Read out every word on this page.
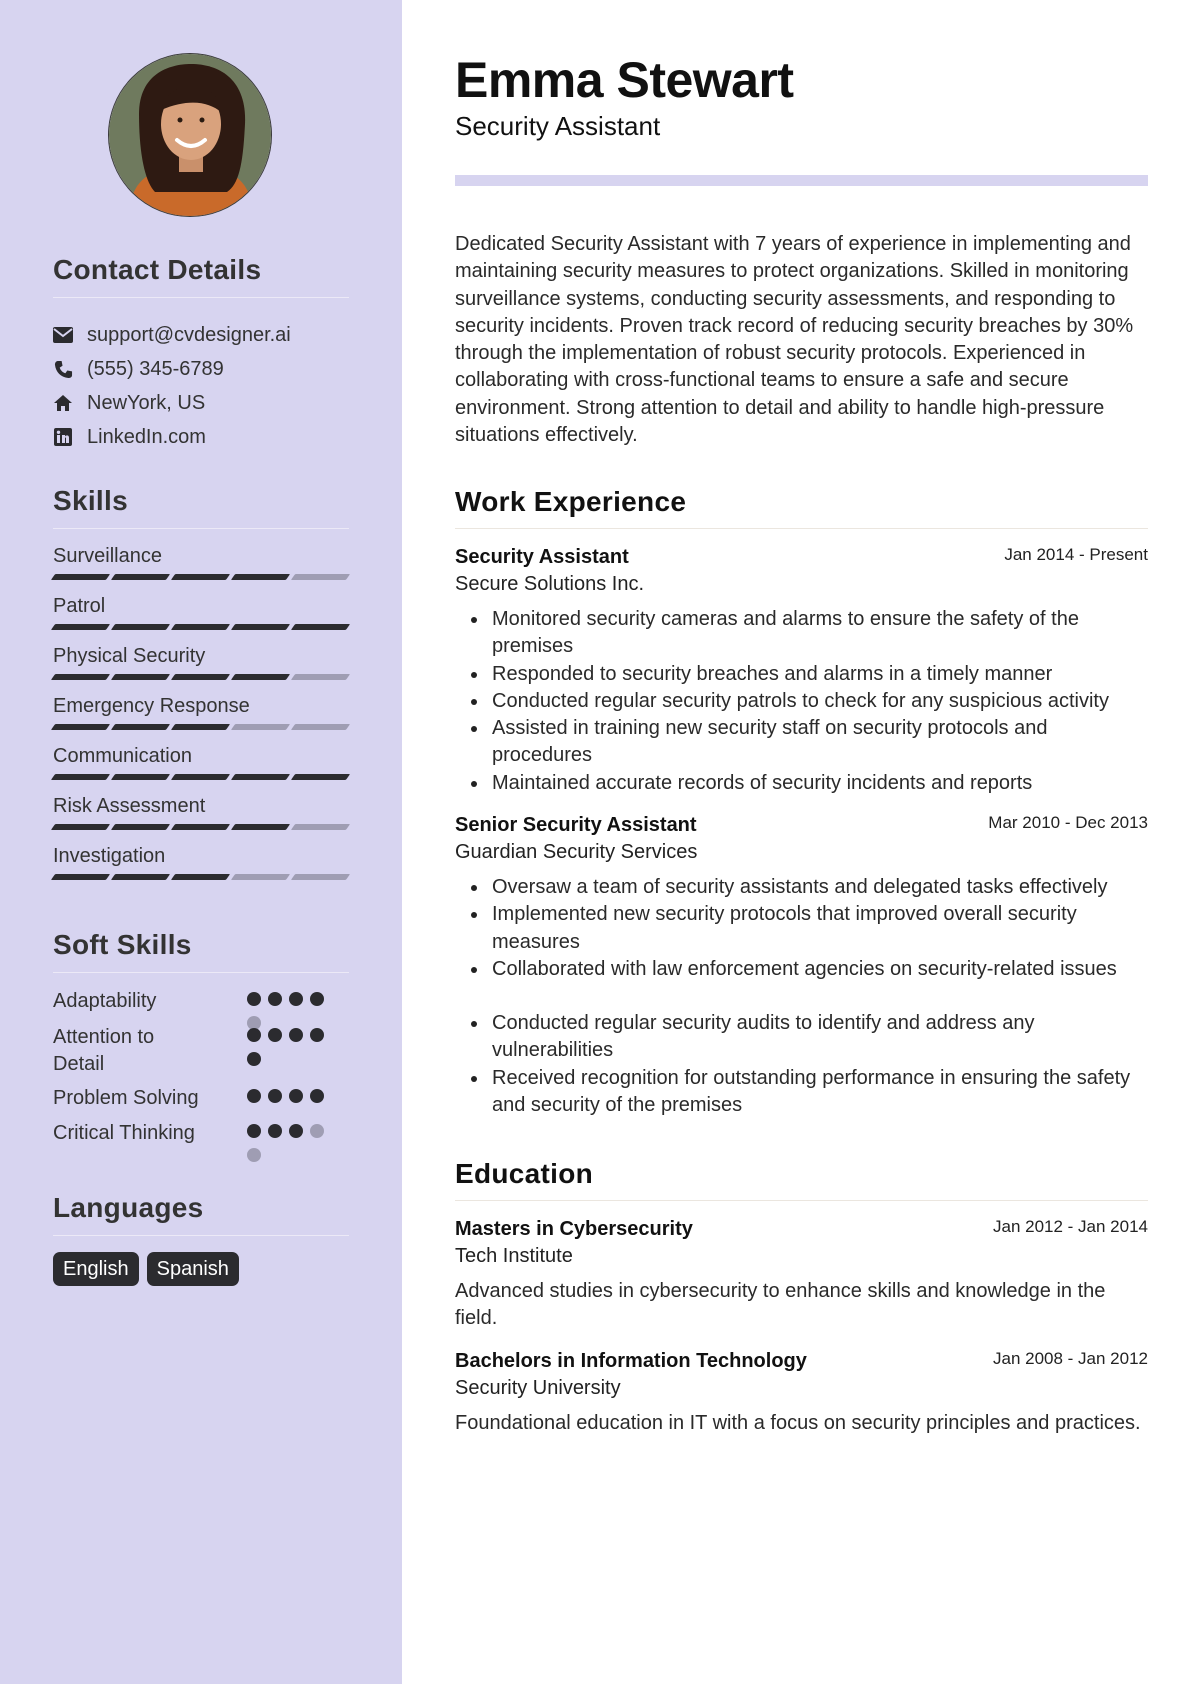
Contact Details
support@cvdesigner.ai
(555) 345-6789
NewYork, US
LinkedIn.com
Skills
Surveillance
Patrol
Physical Security
Emergency Response
Communication
Risk Assessment
Investigation
Soft Skills
Adaptability
Attention to Detail
Problem Solving
Critical Thinking
Languages
English	Spanish
Emma Stewart
Security Assistant

Dedicated Security Assistant with 7 years of experience in implementing and maintaining security measures to protect organizations. Skilled in monitoring surveillance systems, conducting security assessments, and responding to security incidents. Proven track record of reducing security breaches by 30% through the implementation of robust security protocols. Experienced in collaborating with cross-functional teams to ensure a safe and secure environment. Strong attention to detail and ability to handle high-pressure situations effectively.

Work Experience
Security Assistant	Jan 2014 - Present
Secure Solutions Inc.
Monitored security cameras and alarms to ensure the safety of the premises
Responded to security breaches and alarms in a timely manner
Conducted regular security patrols to check for any suspicious activity
Assisted in training new security staff on security protocols and procedures
Maintained accurate records of security incidents and reports
Senior Security Assistant	Mar 2010 - Dec 2013
Guardian Security Services
Oversaw a team of security assistants and delegated tasks effectively
Implemented new security protocols that improved overall security measures
Collaborated with law enforcement agencies on security-related issues
Conducted regular security audits to identify and address any vulnerabilities
Received recognition for outstanding performance in ensuring the safety and security of the premises
Education
Masters in Cybersecurity	Jan 2012 - Jan 2014
Tech Institute
Advanced studies in cybersecurity to enhance skills and knowledge in the field.
Bachelors in Information Technology	Jan 2008 - Jan 2012
Security University
Foundational education in IT with a focus on security principles and practices.
